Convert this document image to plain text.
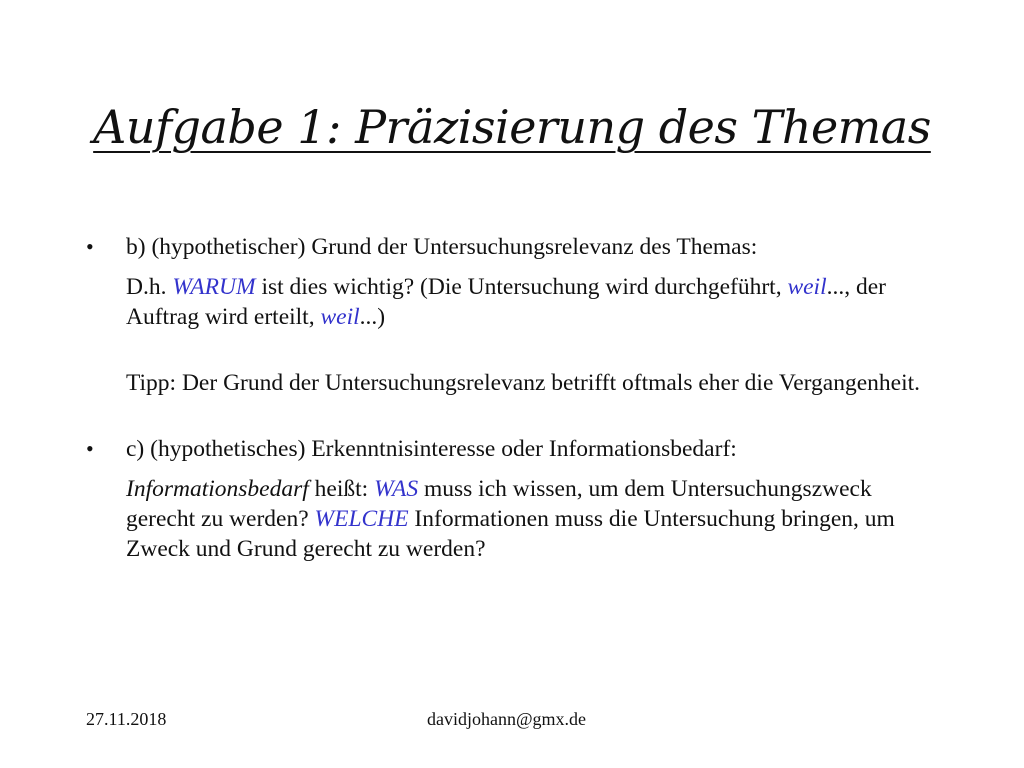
Aufgabe 1: Präzisierung des Themas
•	b) (hypothetischer) Grund der Untersuchungsrelevanz des Themas:
D.h. WARUM ist dies wichtig? (Die Untersuchung wird durchgeführt, weil..., der Auftrag wird erteilt, weil...)
Tipp: Der Grund der Untersuchungsrelevanz betrifft oftmals eher die Vergangenheit.
•	c) (hypothetisches) Erkenntnisinteresse oder Informationsbedarf:
Informationsbedarf heißt: WAS muss ich wissen, um dem Untersuchungszweck gerecht zu werden? WELCHE Informationen muss die Untersuchung bringen, um Zweck und Grund gerecht zu werden?
27.11.2018	davidjohann@gmx.de
